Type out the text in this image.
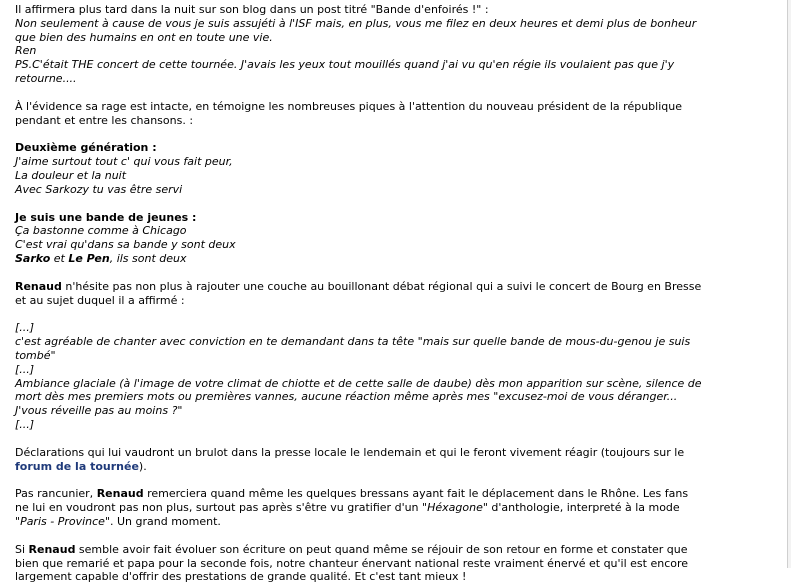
Il affirmera plus tard dans la nuit sur son blog dans un post titré "Bande d'enfoirés !" :

Non seulement à cause de vous je suis assujéti à l'ISF mais, en plus, vous me filez en deux heures et demi plus de bonheur

que bien des humains en ont en toute une vie.

Ren

PS.C'était THE concert de cette tournée. J'avais les yeux tout mouillés quand j'ai vu qu'en régie ils voulaient pas que j'y

retourne....

À l'évidence sa rage est intacte, en témoigne les nombreuses piques à l'attention du nouveau président de la république

pendant et entre les chansons. :

Deuxième génération :

J'aime surtout tout c' qui vous fait peur,

La douleur et la nuit

Avec Sarkozy tu vas être servi

Je suis une bande de jeunes :

Ça bastonne comme à Chicago

C'est vrai qu'dans sa bande y sont deux

Sarko et Le Pen, ils sont deux

Renaud n'hésite pas non plus à rajouter une couche au bouillonant débat régional qui a suivi le concert de Bourg en Bresse

et au sujet duquel il a affirmé :

[...]

c'est agréable de chanter avec conviction en te demandant dans ta tête "mais sur quelle bande de mous-du-genou je suis

tombé"

[...]

Ambiance glaciale (à l'image de votre climat de chiotte et de cette salle de daube) dès mon apparition sur scène, silence de

mort dès mes premiers mots ou premières vannes, aucune réaction même après mes "excusez-moi de vous déranger...

J'vous réveille pas au moins ?"

[...]

Déclarations qui lui vaudront un brulot dans la presse locale le lendemain et qui le feront vivement réagir (toujours sur le

forum de la tournée).

Pas rancunier, Renaud remerciera quand même les quelques bressans ayant fait le déplacement dans le Rhône. Les fans

ne lui en voudront pas non plus, surtout pas après s'être vu gratifier d'un "Héxagone" d'anthologie, interpreté à la mode

"Paris - Province". Un grand moment.

Si Renaud semble avoir fait évoluer son écriture on peut quand même se réjouir de son retour en forme et constater que

bien que remarié et papa pour la seconde fois, notre chanteur énervant national reste vraiment énervé et qu'il est encore

largement capable d'offrir des prestations de grande qualité. Et c'est tant mieux !
